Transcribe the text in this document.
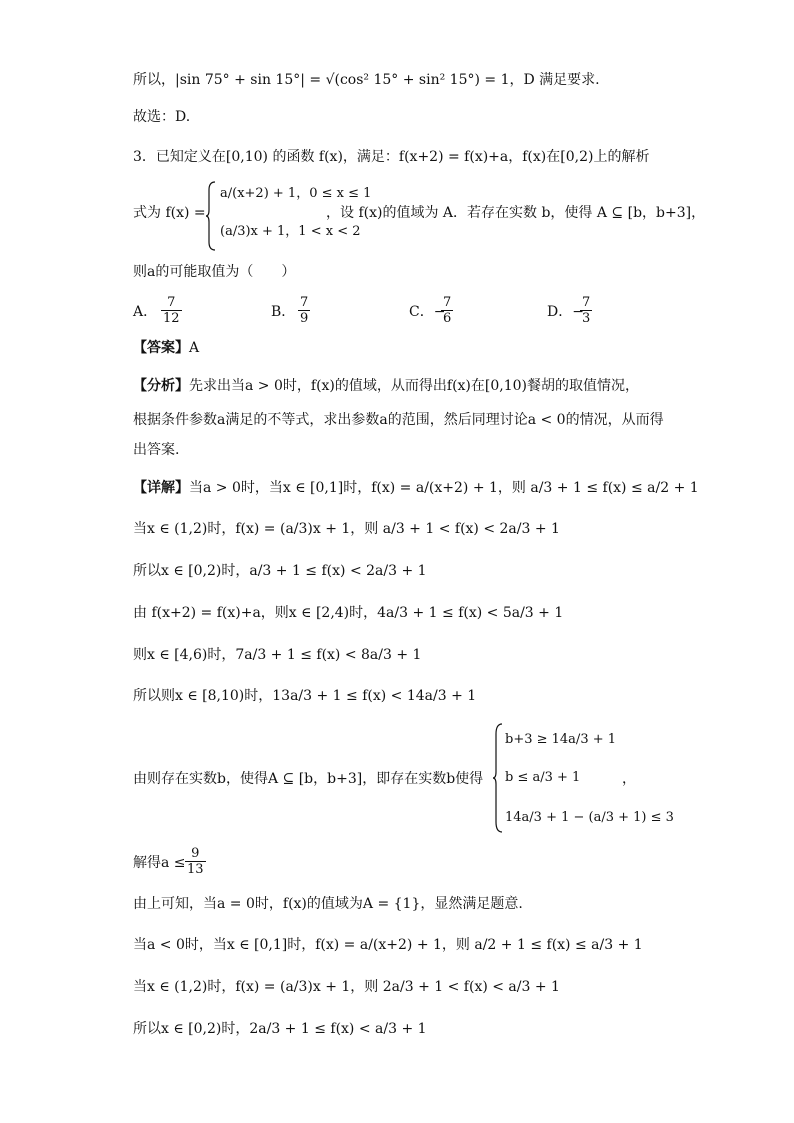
所以，|sin 75° + sin 15°| = √(cos² 15° + sin² 15°) = 1，D 满足要求.
故选：D.
3．已知定义在[0,10) 的函数 f(x)，满足：f(x+2) = f(x)+a，f(x)在[0,2)上的解析
式为 f(x) =
a/(x+2) + 1，0 ≤ x ≤ 1
(a/3)x + 1，1 < x < 2
，设 f(x)的值域为 A．若存在实数 b，使得 A ⊆ [b，b+3]，
则a的可能取值为（　　）
A． $\frac{7}{12}$	B． $\frac{7}{9}$	C．−
$\frac{7}{6}$	D．−
$\frac{7}{3}$
【答案】A
【分析】先求出当a > 0时，f(x)的值域，从而得出f(x)在[0,10)餐胡的取值情况，
根据条件参数a满足的不等式，求出参数a的范围，然后同理讨论a < 0的情况，从而得
出答案.
【详解】当a > 0时，当x ∈ [0,1]时，f(x) = a/(x+2) + 1，则 a/3 + 1 ≤ f(x) ≤ a/2 + 1
当x ∈ (1,2)时，f(x) = (a/3)x + 1，则 a/3 + 1 < f(x) < 2a/3 + 1
所以x ∈ [0,2)时，a/3 + 1 ≤ f(x) < 2a/3 + 1
由 f(x+2) = f(x)+a，则x ∈ [2,4)时，4a/3 + 1 ≤ f(x) < 5a/3 + 1
则x ∈ [4,6)时，7a/3 + 1 ≤ f(x) < 8a/3 + 1
所以则x ∈ [8,10)时，13a/3 + 1 ≤ f(x) < 14a/3 + 1
由则存在实数b，使得A ⊆ [b，b+3]，即存在实数b使得
b+3 ≥ 14a/3 + 1
b ≤ a/3 + 1
14a/3 + 1 − (a/3 + 1) ≤ 3
，
解得$a \le \frac{9}{13}$
由上可知，当a = 0时，f(x)的值域为A = {1}，显然满足题意.
当a < 0时，当x ∈ [0,1]时，f(x) = a/(x+2) + 1，则 a/2 + 1 ≤ f(x) ≤ a/3 + 1
当x ∈ (1,2)时，f(x) = (a/3)x + 1，则 2a/3 + 1 < f(x) < a/3 + 1
所以x ∈ [0,2)时，2a/3 + 1 ≤ f(x) < a/3 + 1
